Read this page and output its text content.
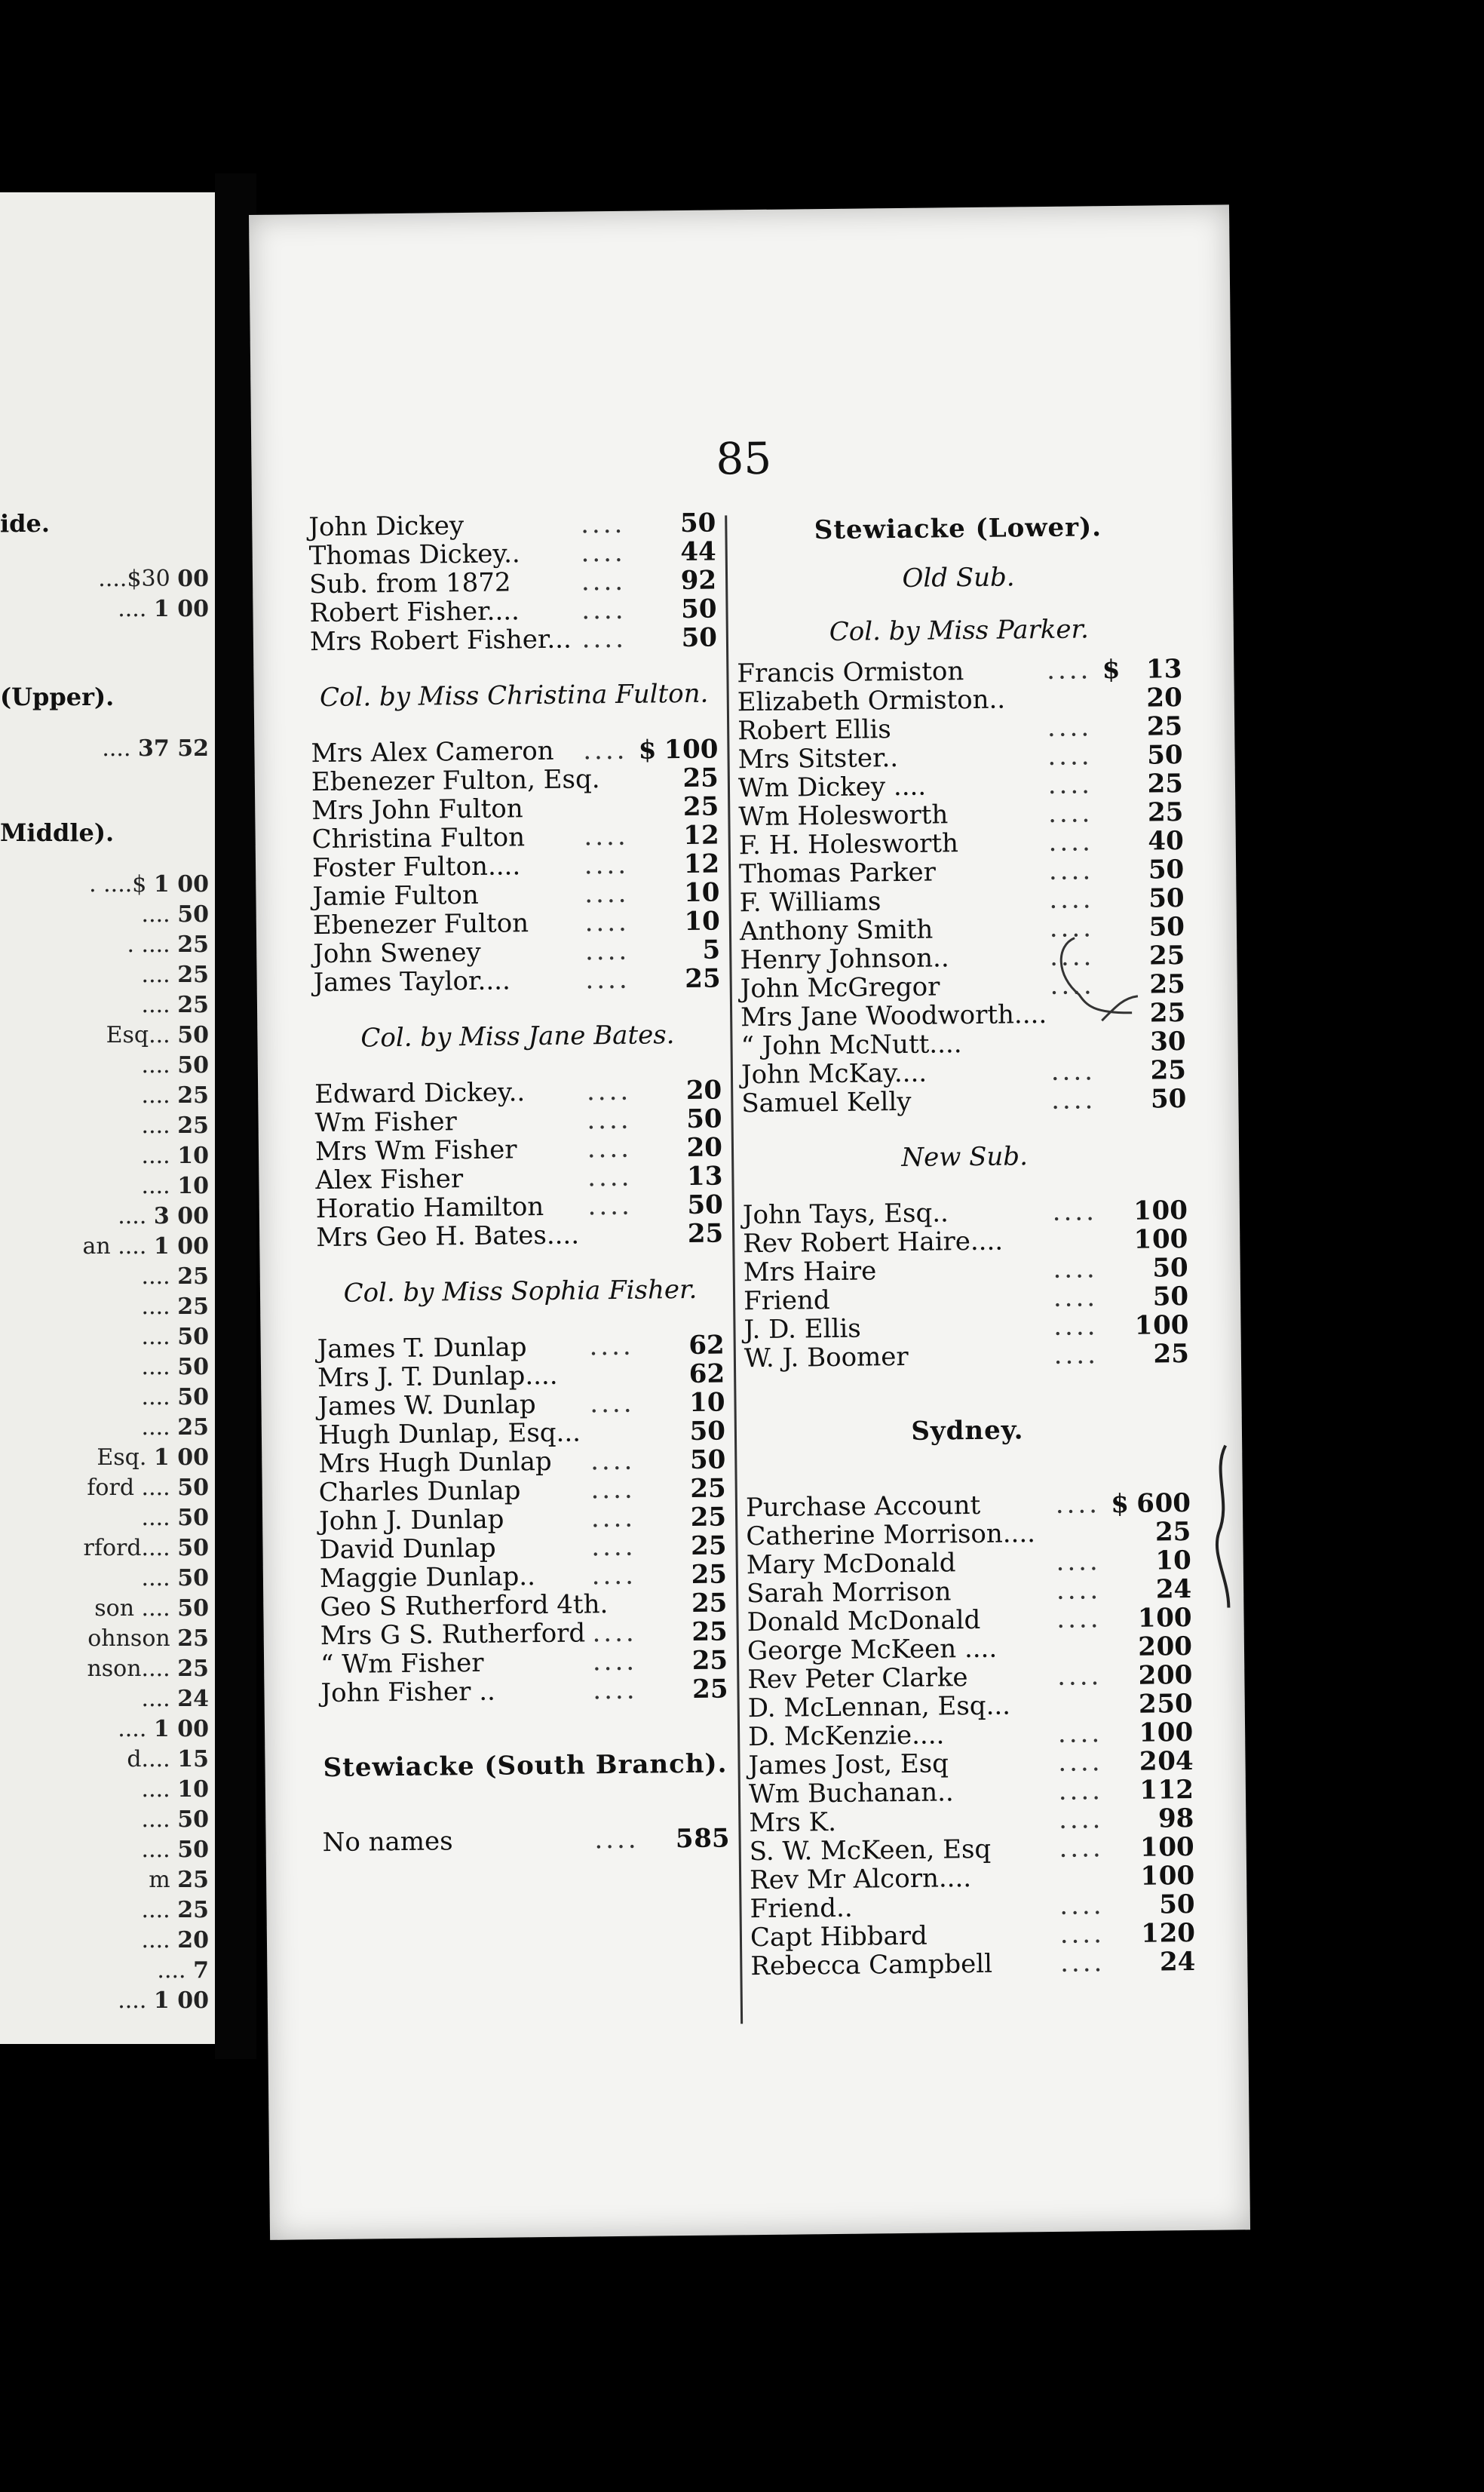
ide.
(Upper).
Middle).
....$30 00
.... 1 00
.... 37 52
. ....$ 1 00
.... 50
. .... 25
.... 25
.... 25
Esq... 50
.... 50
.... 25
.... 25
.... 10
.... 10
.... 3 00
an .... 1 00
.... 25
.... 25
.... 50
.... 50
.... 50
.... 25
Esq. 1 00
ford .... 50
.... 50
rford.... 50
.... 50
son .... 50
ohnson 25
nson.... 25
.... 24
.... 1 00
d.... 15
.... 10
.... 50
.... 50
m 25
.... 25
.... 20
.... 7
.... 1 00
85
John Dickey	....	50
Thomas Dickey.. ....	44
Sub. from 1872	....	92
Robert Fisher.... ....	50
Mrs Robert Fisher... ....	50
Col. by Miss Christina Fulton.
Mrs Alex Cameron .... $ 100
Ebenezer Fulton, Esq.	25
Mrs John Fulton	25
Christina Fulton ....	12
Foster Fulton.... ....	12
Jamie Fulton	....	10
Ebenezer Fulton ....	10
John Sweney	....	5
James Taylor....	....	25
Col. by Miss Jane Bates.
Edward Dickey.. ....	20
Wm Fisher	....	50
Mrs Wm Fisher	....	20
Alex Fisher	....	13
Horatio Hamilton ....	50
Mrs Geo H. Bates....	25
Col. by Miss Sophia Fisher.
James T. Dunlap ....	62
Mrs J. T. Dunlap....	62
James W. Dunlap ....	10
Hugh Dunlap, Esq...	50
Mrs Hugh Dunlap ....	50
Charles Dunlap	....	25
John J. Dunlap	....	25
David Dunlap	....	25
Maggie Dunlap.. ....	25
Geo S Rutherford 4th.	25
Mrs G S. Rutherford ....	25
“ Wm Fisher	....	25
John Fisher ..	....	25
Stewiacke (South Branch).
No names	....	585
Stewiacke (Lower).
Old Sub.
Col. by Miss Parker.
Francis Ormiston	.... $	13
Elizabeth Ormiston..	20
Robert Ellis	....	25
Mrs Sitster..	....	50
Wm Dickey ....	....	25
Wm Holesworth	....	25
F. H. Holesworth	....	40
Thomas Parker	....	50
F. Williams	....	50
Anthony Smith	....	50
Henry Johnson..	....	25
John McGregor	....	25
Mrs Jane Woodworth....	25
“ John McNutt....	30
John McKay....	....	25
Samuel Kelly	....	50
New Sub.
John Tays, Esq..	....	100
Rev Robert Haire....	100
Mrs Haire	....	50
Friend	....	50
J. D. Ellis	....	100
W. J. Boomer	....	25
Sydney.
Purchase Account	.... $ 600
Catherine Morrison....	25
Mary McDonald	....	10
Sarah Morrison	....	24
Donald McDonald	....	100
George McKeen ....	200
Rev Peter Clarke	....	200
D. McLennan, Esq...	250
D. McKenzie....	....	100
James Jost, Esq	....	204
Wm Buchanan..	....	112
Mrs K.	....	98
S. W. McKeen, Esq	....	100
Rev Mr Alcorn....	100
Friend..	....	50
Capt Hibbard	....	120
Rebecca Campbell	....	24
